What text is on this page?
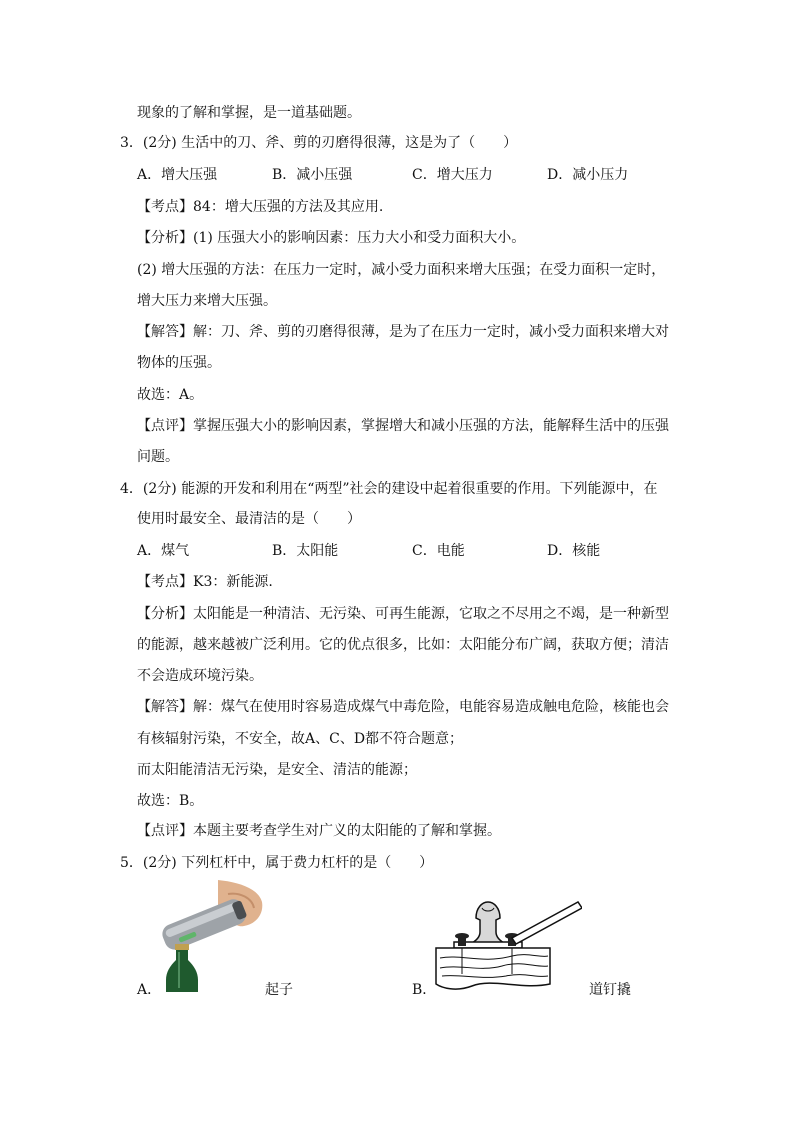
现象的了解和掌握，是一道基础题。
3．(2分) 生活中的刀、斧、剪的刃磨得很薄，这是为了（　　）
A．增大压强	B．减小压强	C．增大压力	D．减小压力
【考点】84：增大压强的方法及其应用.
【分析】(1) 压强大小的影响因素：压力大小和受力面积大小。
(2) 增大压强的方法：在压力一定时，减小受力面积来增大压强；在受力面积一定时，
增大压力来增大压强。
【解答】解：刀、斧、剪的刃磨得很薄，是为了在压力一定时，减小受力面积来增大对
物体的压强。
故选：A。
【点评】掌握压强大小的影响因素，掌握增大和减小压强的方法，能解释生活中的压强
问题。
4．(2分) 能源的开发和利用在“两型”社会的建设中起着很重要的作用。下列能源中，在
使用时最安全、最清洁的是（　　）
A．煤气	B．太阳能	C．电能	D．核能
【考点】K3：新能源.
【分析】太阳能是一种清洁、无污染、可再生能源，它取之不尽用之不竭，是一种新型
的能源，越来越被广泛利用。它的优点很多，比如：太阳能分布广阔，获取方便；清洁
不会造成环境污染。
【解答】解：煤气在使用时容易造成煤气中毒危险，电能容易造成触电危险，核能也会
有核辐射污染，不安全，故A、C、D都不符合题意；
而太阳能清洁无污染，是安全、清洁的能源；
故选：B。
【点评】本题主要考查学生对广义的太阳能的了解和掌握。
5．(2分) 下列杠杆中，属于费力杠杆的是（　　）
A．	起子	B．	道钉撬
